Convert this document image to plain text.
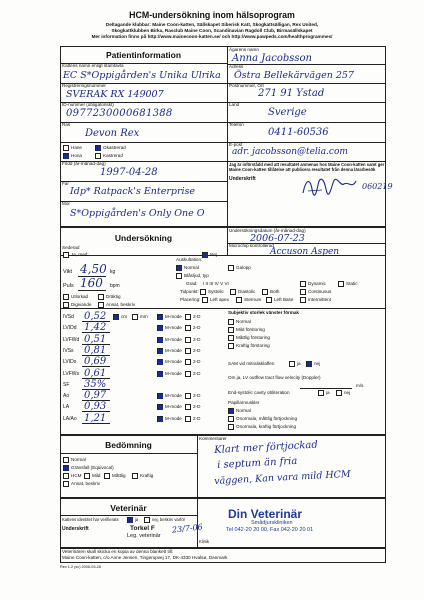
HCM-undersökning inom hälsoprogram
Deltagande klubbar: Maine Coon-katten, Sällskapet Siberisk Katt, Skogkattsälligan, Rex United,
Skogkattklubben Birka, Rasclub Maine Coon, Scandinavian Ragdoll Club, Birmasällskapet
Mer information finns på http://www.mainecoon-katten.se/ och http://www.pawpeds.com/healthprogrammes/
Patientinformation
Kattens namn enligt stamtavla
EC S*Oppigården's Unika Ulrika
Registreringsnummer
SVERAK RX 149007
ID-nummer (obligatoriskt)
0977230000681388
Ras
Devon Rex
Hane	Okastrerad
Hona	Kastrerad
Född (år-månad-dag)
1997-04-28
Far
Idp* Ratpack's Enterprise
Mor
S*Oppigården's Only One O
Ägarens namn
Anna Jacobsson
Adress
Östra Bellekärvägen 257
Postnummer, Ort
271 91 Ystad
Land
Sverige
Telefon
0411-60536
E-post
adr. jacobsson@telia.com
Jag är införstådd med att resultatet anmenas hos Maine Coon-katten samt ger
Maine Coon-katten tillåtelse att publicera resultatet från denna lärarbesök
Underskrift
060219
Undersökning
Undersökningsdatum (år-månad-dag)
2006-07-23
Microchip kontrollerad
Accuson Aspen
Sederad
Ja, med:	Nej
Vikt 4,50 kg
Puls 160 bpm
Utlorkad	Dräktig
Digivande	Annat, beskriv
Auskultation:
Normal	Galopp
Blåsljud, typ
Grad: I II III IV V VI
Tidpunkt: Systolic	Diastolic	Both
Placering: Left apex	Sternum	Left Base
Dynamic	Static
Continuous
Intermittent
IVSd 0,52	cm	mm	M-mode 2-D
LVIDd 1,42	M-mode 2-D
LVFWd 0,51	M-mode 2-D
IVSs 0,81	M-mode 2-D
LVIDs 0,69	M-mode 2-D
LVFWs 0,61	M-mode 2-D
SF 35%
Ao 0,97	M-mode 2-D
LA 0,93	M-mode 2-D
LA/Ao 1,21	M-mode 2-D
Subjektiv storlek vänster förmak
Normal
Mild förstoring
Måttlig förstoring
Kraftig förstoring
SAM vid mitralisklaffen	ja	nej
Om ja, LV outflow tract flow velocity (Doppler)
m/s
End-systolic cavity obliteration	ja	nej
Papillarmuskler
Normal
Onormala, måttlig förtjockning
Onormala, kraftig förtjockning
Bedömning
Normal
Gränsfall (Equivocal)
HCM Mild	Måttlig	Kraftig
Annat, beskriv
Kommentarer
Klart mer förtjockad
i septum än fria
väggen, Kan vara mild HCM
Veterinär
Kattens identitet har verifierats	ja	nej, beskriv varför
Underskrift	Torkel F
Leg. veterinär
23/7-06
Din Veterinär
Smådjurskliniken
Tel 042-20 20 00, Fax 042-20 20 01
Klinik
Veterinären skall skicka en kopia av denna blankett till:
Maine Coon-katten, c/o Anne Jensen, Tingerupvej 17, DK-4330 Hvalsø, Danmark
Rev 1.2 (sv) 2006-03-28
